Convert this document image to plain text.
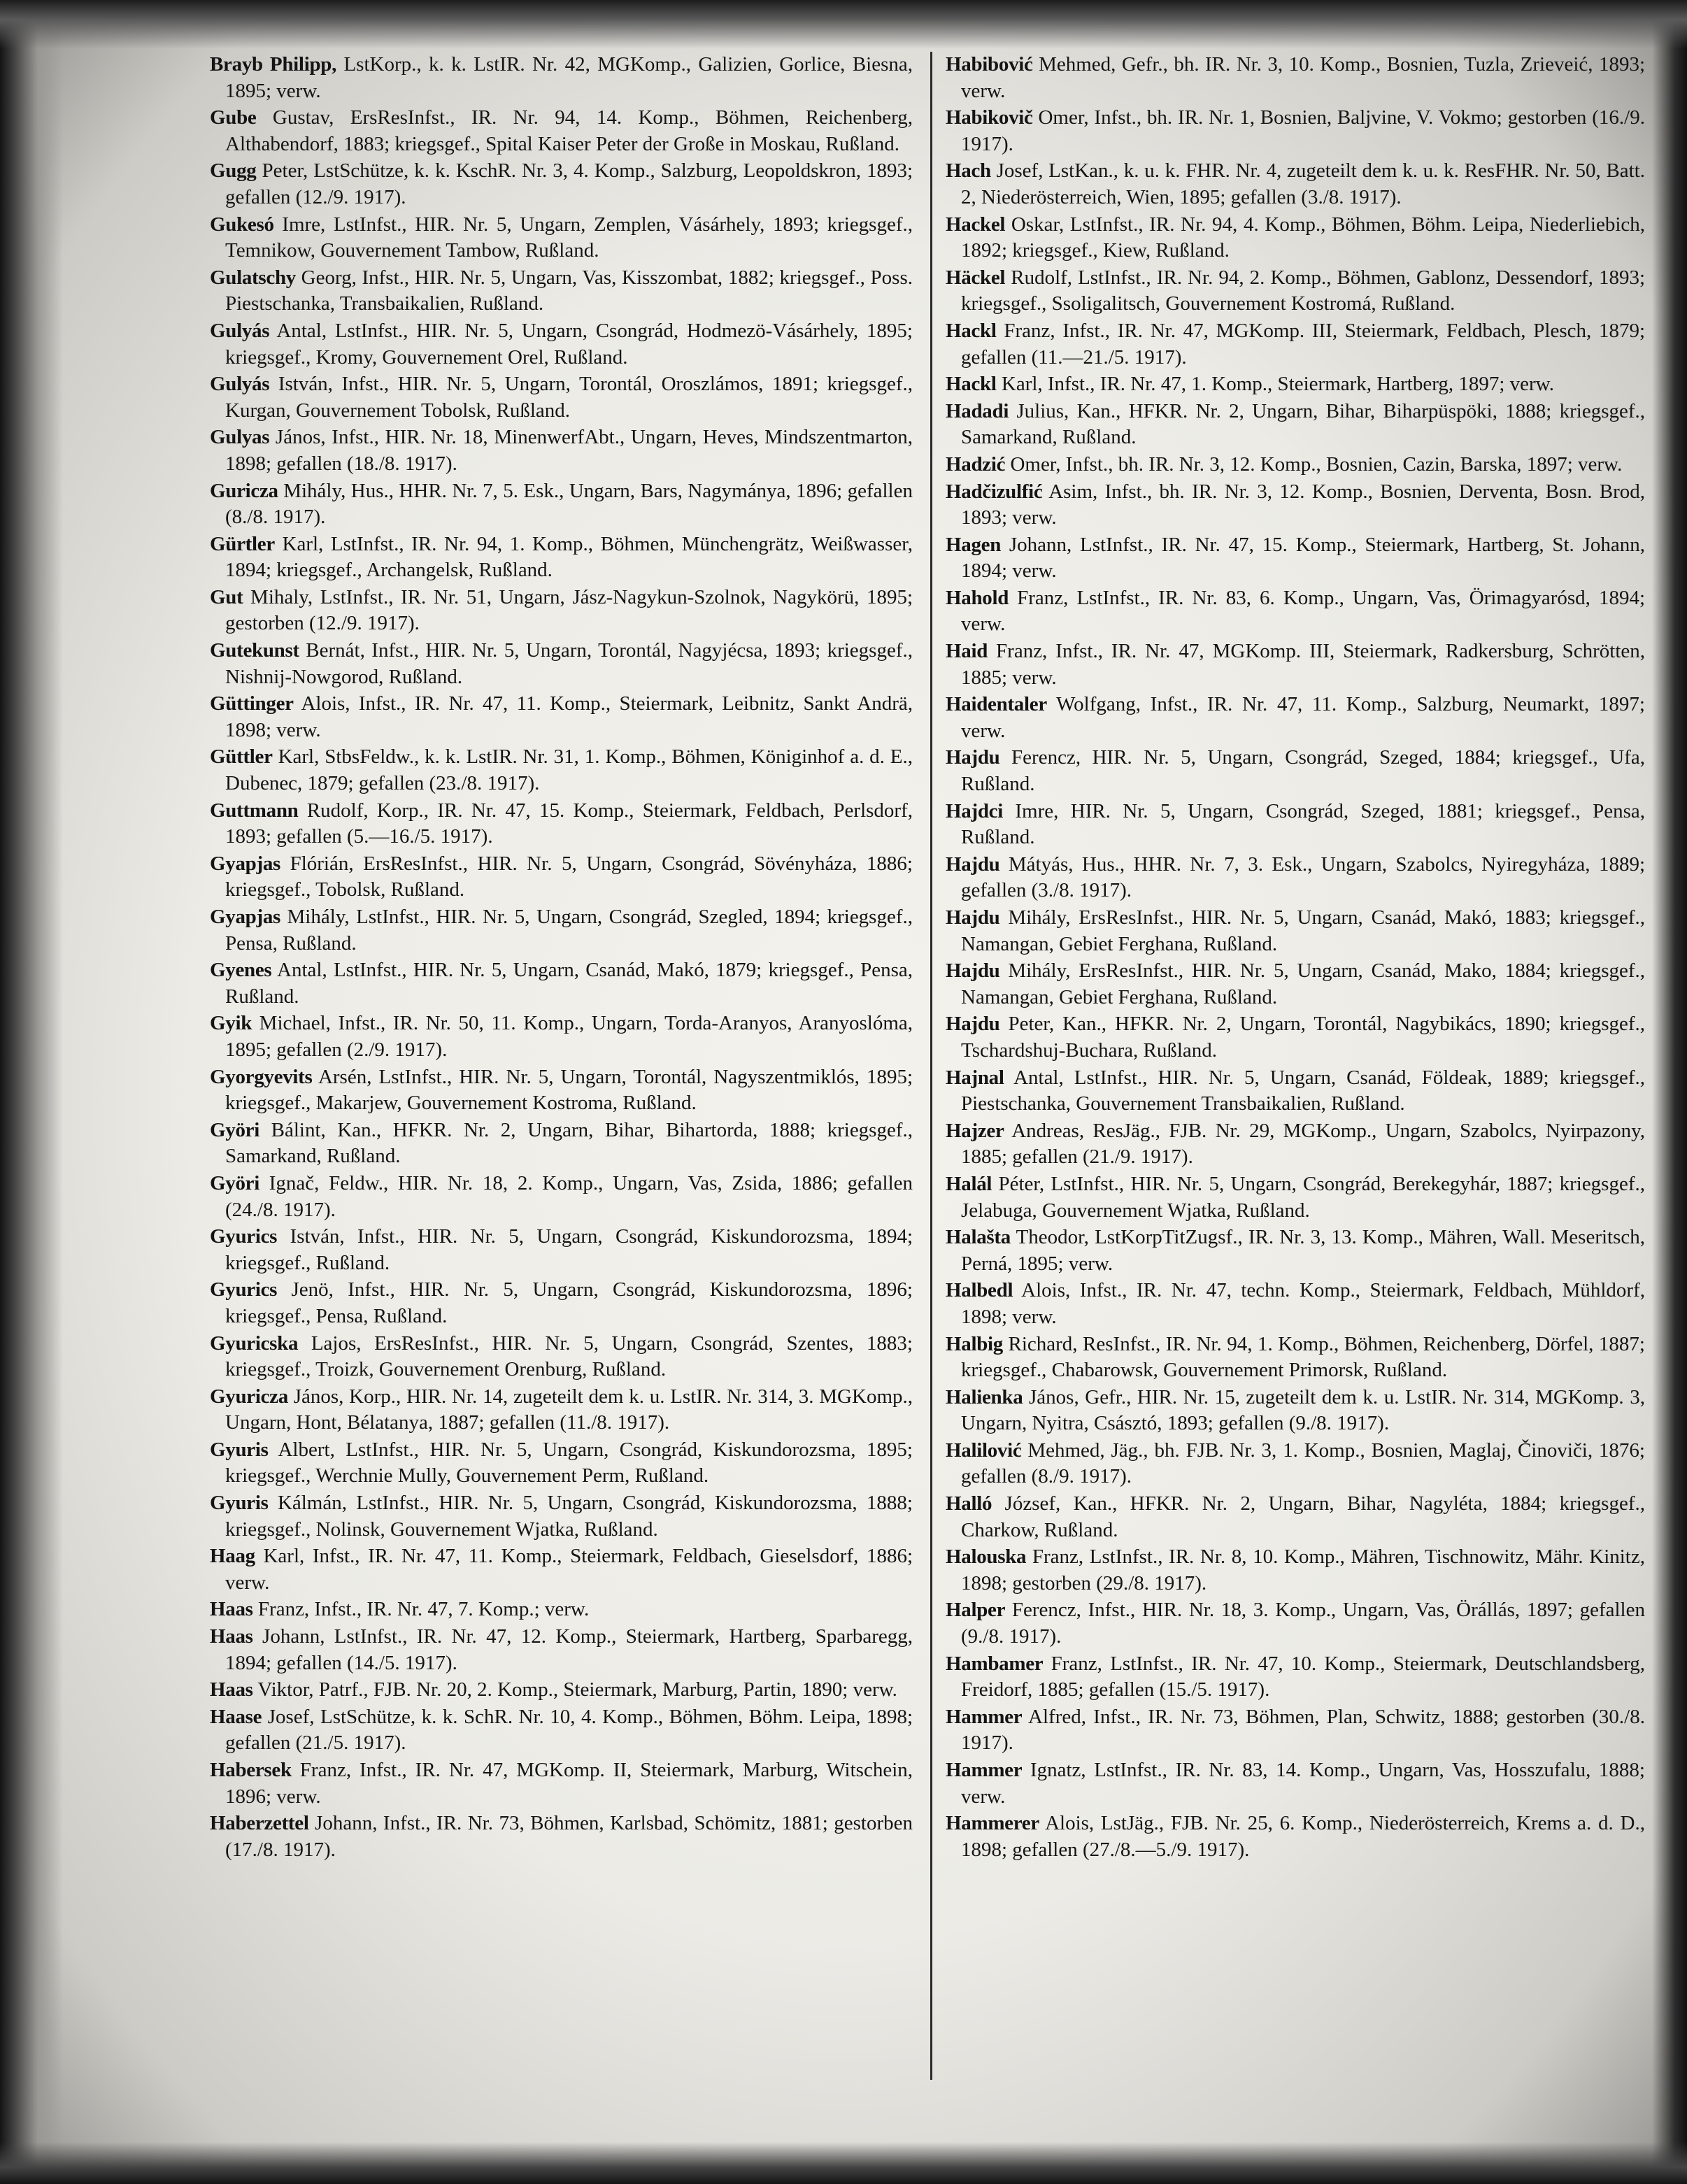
Brayb Philipp, LstKorp., k. k. LstIR. Nr. 42, MGKomp., Galizien, Gorlice, Biesna, 1895; verw.

Gube Gustav, ErsResInfst., IR. Nr. 94, 14. Komp., Böhmen, Reichenberg, Althabendorf, 1883; kriegsgef., Spital Kaiser Peter der Große in Moskau, Rußland.

Gugg Peter, LstSchütze, k. k. KschR. Nr. 3, 4. Komp., Salzburg, Leopoldskron, 1893; gefallen (12./9. 1917).

Gukesó Imre, LstInfst., HIR. Nr. 5, Ungarn, Zemplen, Vásárhely, 1893; kriegsgef., Temnikow, Gouvernement Tambow, Rußland.

Gulatschy Georg, Infst., HIR. Nr. 5, Ungarn, Vas, Kisszombat, 1882; kriegsgef., Poss. Piestschanka, Transbaikalien, Rußland.

Gulyás Antal, LstInfst., HIR. Nr. 5, Ungarn, Csongrád, Hodmezö-Vásárhely, 1895; kriegsgef., Kromy, Gouvernement Orel, Rußland.

Gulyás István, Infst., HIR. Nr. 5, Ungarn, Torontál, Oroszlámos, 1891; kriegsgef., Kurgan, Gouvernement Tobolsk, Rußland.

Gulyas János, Infst., HIR. Nr. 18, MinenwerfAbt., Ungarn, Heves, Mindszentmarton, 1898; gefallen (18./8. 1917).

Guricza Mihály, Hus., HHR. Nr. 7, 5. Esk., Ungarn, Bars, Nagymánya, 1896; gefallen (8./8. 1917).

Gürtler Karl, LstInfst., IR. Nr. 94, 1. Komp., Böhmen, Münchengrätz, Weißwasser, 1894; kriegsgef., Archangelsk, Rußland.

Gut Mihaly, LstInfst., IR. Nr. 51, Ungarn, Jász-Nagykun-Szolnok, Nagykörü, 1895; gestorben (12./9. 1917).

Gutekunst Bernát, Infst., HIR. Nr. 5, Ungarn, Torontál, Nagyjécsa, 1893; kriegsgef., Nishnij-Nowgorod, Rußland.

Güttinger Alois, Infst., IR. Nr. 47, 11. Komp., Steiermark, Leibnitz, Sankt Andrä, 1898; verw.

Güttler Karl, StbsFeldw., k. k. LstIR. Nr. 31, 1. Komp., Böhmen, Königinhof a. d. E., Dubenec, 1879; gefallen (23./8. 1917).

Guttmann Rudolf, Korp., IR. Nr. 47, 15. Komp., Steiermark, Feldbach, Perlsdorf, 1893; gefallen (5.—16./5. 1917).

Gyapjas Flórián, ErsResInfst., HIR. Nr. 5, Ungarn, Csongrád, Sövényháza, 1886; kriegsgef., Tobolsk, Rußland.

Gyapjas Mihály, LstInfst., HIR. Nr. 5, Ungarn, Csongrád, Szegled, 1894; kriegsgef., Pensa, Rußland.

Gyenes Antal, LstInfst., HIR. Nr. 5, Ungarn, Csanád, Makó, 1879; kriegsgef., Pensa, Rußland.

Gyik Michael, Infst., IR. Nr. 50, 11. Komp., Ungarn, Torda-Aranyos, Aranyoslóma, 1895; gefallen (2./9. 1917).

Gyorgyevits Arsén, LstInfst., HIR. Nr. 5, Ungarn, Torontál, Nagyszentmiklós, 1895; kriegsgef., Makarjew, Gouvernement Kostroma, Rußland.

Györi Bálint, Kan., HFKR. Nr. 2, Ungarn, Bihar, Bihartorda, 1888; kriegsgef., Samarkand, Rußland.

Györi Ignač, Feldw., HIR. Nr. 18, 2. Komp., Ungarn, Vas, Zsida, 1886; gefallen (24./8. 1917).

Gyurics István, Infst., HIR. Nr. 5, Ungarn, Csongrád, Kiskundorozsma, 1894; kriegsgef., Rußland.

Gyurics Jenö, Infst., HIR. Nr. 5, Ungarn, Csongrád, Kiskundorozsma, 1896; kriegsgef., Pensa, Rußland.

Gyuricska Lajos, ErsResInfst., HIR. Nr. 5, Ungarn, Csongrád, Szentes, 1883; kriegsgef., Troizk, Gouvernement Orenburg, Rußland.

Gyuricza János, Korp., HIR. Nr. 14, zugeteilt dem k. u. LstIR. Nr. 314, 3. MGKomp., Ungarn, Hont, Bélatanya, 1887; gefallen (11./8. 1917).

Gyuris Albert, LstInfst., HIR. Nr. 5, Ungarn, Csongrád, Kiskundorozsma, 1895; kriegsgef., Werchnie Mully, Gouvernement Perm, Rußland.

Gyuris Kálmán, LstInfst., HIR. Nr. 5, Ungarn, Csongrád, Kiskundorozsma, 1888; kriegsgef., Nolinsk, Gouvernement Wjatka, Rußland.

Haag Karl, Infst., IR. Nr. 47, 11. Komp., Steiermark, Feldbach, Gieselsdorf, 1886; verw.

Haas Franz, Infst., IR. Nr. 47, 7. Komp.; verw.

Haas Johann, LstInfst., IR. Nr. 47, 12. Komp., Steiermark, Hartberg, Sparbaregg, 1894; gefallen (14./5. 1917).

Haas Viktor, Patrf., FJB. Nr. 20, 2. Komp., Steiermark, Marburg, Partin, 1890; verw.

Haase Josef, LstSchütze, k. k. SchR. Nr. 10, 4. Komp., Böhmen, Böhm. Leipa, 1898; gefallen (21./5. 1917).

Habersek Franz, Infst., IR. Nr. 47, MGKomp. II, Steiermark, Marburg, Witschein, 1896; verw.

Haberzettel Johann, Infst., IR. Nr. 73, Böhmen, Karlsbad, Schömitz, 1881; gestorben (17./8. 1917).

Habibović Mehmed, Gefr., bh. IR. Nr. 3, 10. Komp., Bosnien, Tuzla, Zrieveić, 1893; verw.

Habikovič Omer, Infst., bh. IR. Nr. 1, Bosnien, Baljvine, V. Vokmo; gestorben (16./9. 1917).

Hach Josef, LstKan., k. u. k. FHR. Nr. 4, zugeteilt dem k. u. k. ResFHR. Nr. 50, Batt. 2, Niederösterreich, Wien, 1895; gefallen (3./8. 1917).

Hackel Oskar, LstInfst., IR. Nr. 94, 4. Komp., Böhmen, Böhm. Leipa, Niederliebich, 1892; kriegsgef., Kiew, Rußland.

Häckel Rudolf, LstInfst., IR. Nr. 94, 2. Komp., Böhmen, Gablonz, Dessendorf, 1893; kriegsgef., Ssoligalitsch, Gouvernement Kostromá, Rußland.

Hackl Franz, Infst., IR. Nr. 47, MGKomp. III, Steiermark, Feldbach, Plesch, 1879; gefallen (11.—21./5. 1917).

Hackl Karl, Infst., IR. Nr. 47, 1. Komp., Steiermark, Hartberg, 1897; verw.

Hadadi Julius, Kan., HFKR. Nr. 2, Ungarn, Bihar, Biharpüspöki, 1888; kriegsgef., Samarkand, Rußland.

Hadzić Omer, Infst., bh. IR. Nr. 3, 12. Komp., Bosnien, Cazin, Barska, 1897; verw.

Hadčizulfić Asim, Infst., bh. IR. Nr. 3, 12. Komp., Bosnien, Derventa, Bosn. Brod, 1893; verw.

Hagen Johann, LstInfst., IR. Nr. 47, 15. Komp., Steiermark, Hartberg, St. Johann, 1894; verw.

Hahold Franz, LstInfst., IR. Nr. 83, 6. Komp., Ungarn, Vas, Örimagyarósd, 1894; verw.

Haid Franz, Infst., IR. Nr. 47, MGKomp. III, Steiermark, Radkersburg, Schrötten, 1885; verw.

Haidentaler Wolfgang, Infst., IR. Nr. 47, 11. Komp., Salzburg, Neumarkt, 1897; verw.

Hajdu Ferencz, HIR. Nr. 5, Ungarn, Csongrád, Szeged, 1884; kriegsgef., Ufa, Rußland.

Hajdci Imre, HIR. Nr. 5, Ungarn, Csongrád, Szeged, 1881; kriegsgef., Pensa, Rußland.

Hajdu Mátyás, Hus., HHR. Nr. 7, 3. Esk., Ungarn, Szabolcs, Nyiregyháza, 1889; gefallen (3./8. 1917).

Hajdu Mihály, ErsResInfst., HIR. Nr. 5, Ungarn, Csanád, Makó, 1883; kriegsgef., Namangan, Gebiet Ferghana, Rußland.

Hajdu Mihály, ErsResInfst., HIR. Nr. 5, Ungarn, Csanád, Mako, 1884; kriegsgef., Namangan, Gebiet Ferghana, Rußland.

Hajdu Peter, Kan., HFKR. Nr. 2, Ungarn, Torontál, Nagybikács, 1890; kriegsgef., Tschardshuj-Buchara, Rußland.

Hajnal Antal, LstInfst., HIR. Nr. 5, Ungarn, Csanád, Földeak, 1889; kriegsgef., Piestschanka, Gouvernement Transbaikalien, Rußland.

Hajzer Andreas, ResJäg., FJB. Nr. 29, MGKomp., Ungarn, Szabolcs, Nyirpazony, 1885; gefallen (21./9. 1917).

Halál Péter, LstInfst., HIR. Nr. 5, Ungarn, Csongrád, Berekegyhár, 1887; kriegsgef., Jelabuga, Gouvernement Wjatka, Rußland.

Halašta Theodor, LstKorpTitZugsf., IR. Nr. 3, 13. Komp., Mähren, Wall. Meseritsch, Perná, 1895; verw.

Halbedl Alois, Infst., IR. Nr. 47, techn. Komp., Steiermark, Feldbach, Mühldorf, 1898; verw.

Halbig Richard, ResInfst., IR. Nr. 94, 1. Komp., Böhmen, Reichenberg, Dörfel, 1887; kriegsgef., Chabarowsk, Gouvernement Primorsk, Rußland.

Halienka János, Gefr., HIR. Nr. 15, zugeteilt dem k. u. LstIR. Nr. 314, MGKomp. 3, Ungarn, Nyitra, Császtó, 1893; gefallen (9./8. 1917).

Halilović Mehmed, Jäg., bh. FJB. Nr. 3, 1. Komp., Bosnien, Maglaj, Činoviči, 1876; gefallen (8./9. 1917).

Halló József, Kan., HFKR. Nr. 2, Ungarn, Bihar, Nagyléta, 1884; kriegsgef., Charkow, Rußland.

Halouska Franz, LstInfst., IR. Nr. 8, 10. Komp., Mähren, Tischnowitz, Mähr. Kinitz, 1898; gestorben (29./8. 1917).

Halper Ferencz, Infst., HIR. Nr. 18, 3. Komp., Ungarn, Vas, Örállás, 1897; gefallen (9./8. 1917).

Hambamer Franz, LstInfst., IR. Nr. 47, 10. Komp., Steiermark, Deutschlandsberg, Freidorf, 1885; gefallen (15./5. 1917).

Hammer Alfred, Infst., IR. Nr. 73, Böhmen, Plan, Schwitz, 1888; gestorben (30./8. 1917).

Hammer Ignatz, LstInfst., IR. Nr. 83, 14. Komp., Ungarn, Vas, Hosszufalu, 1888; verw.

Hammerer Alois, LstJäg., FJB. Nr. 25, 6. Komp., Niederösterreich, Krems a. d. D., 1898; gefallen (27./8.—5./9. 1917).
